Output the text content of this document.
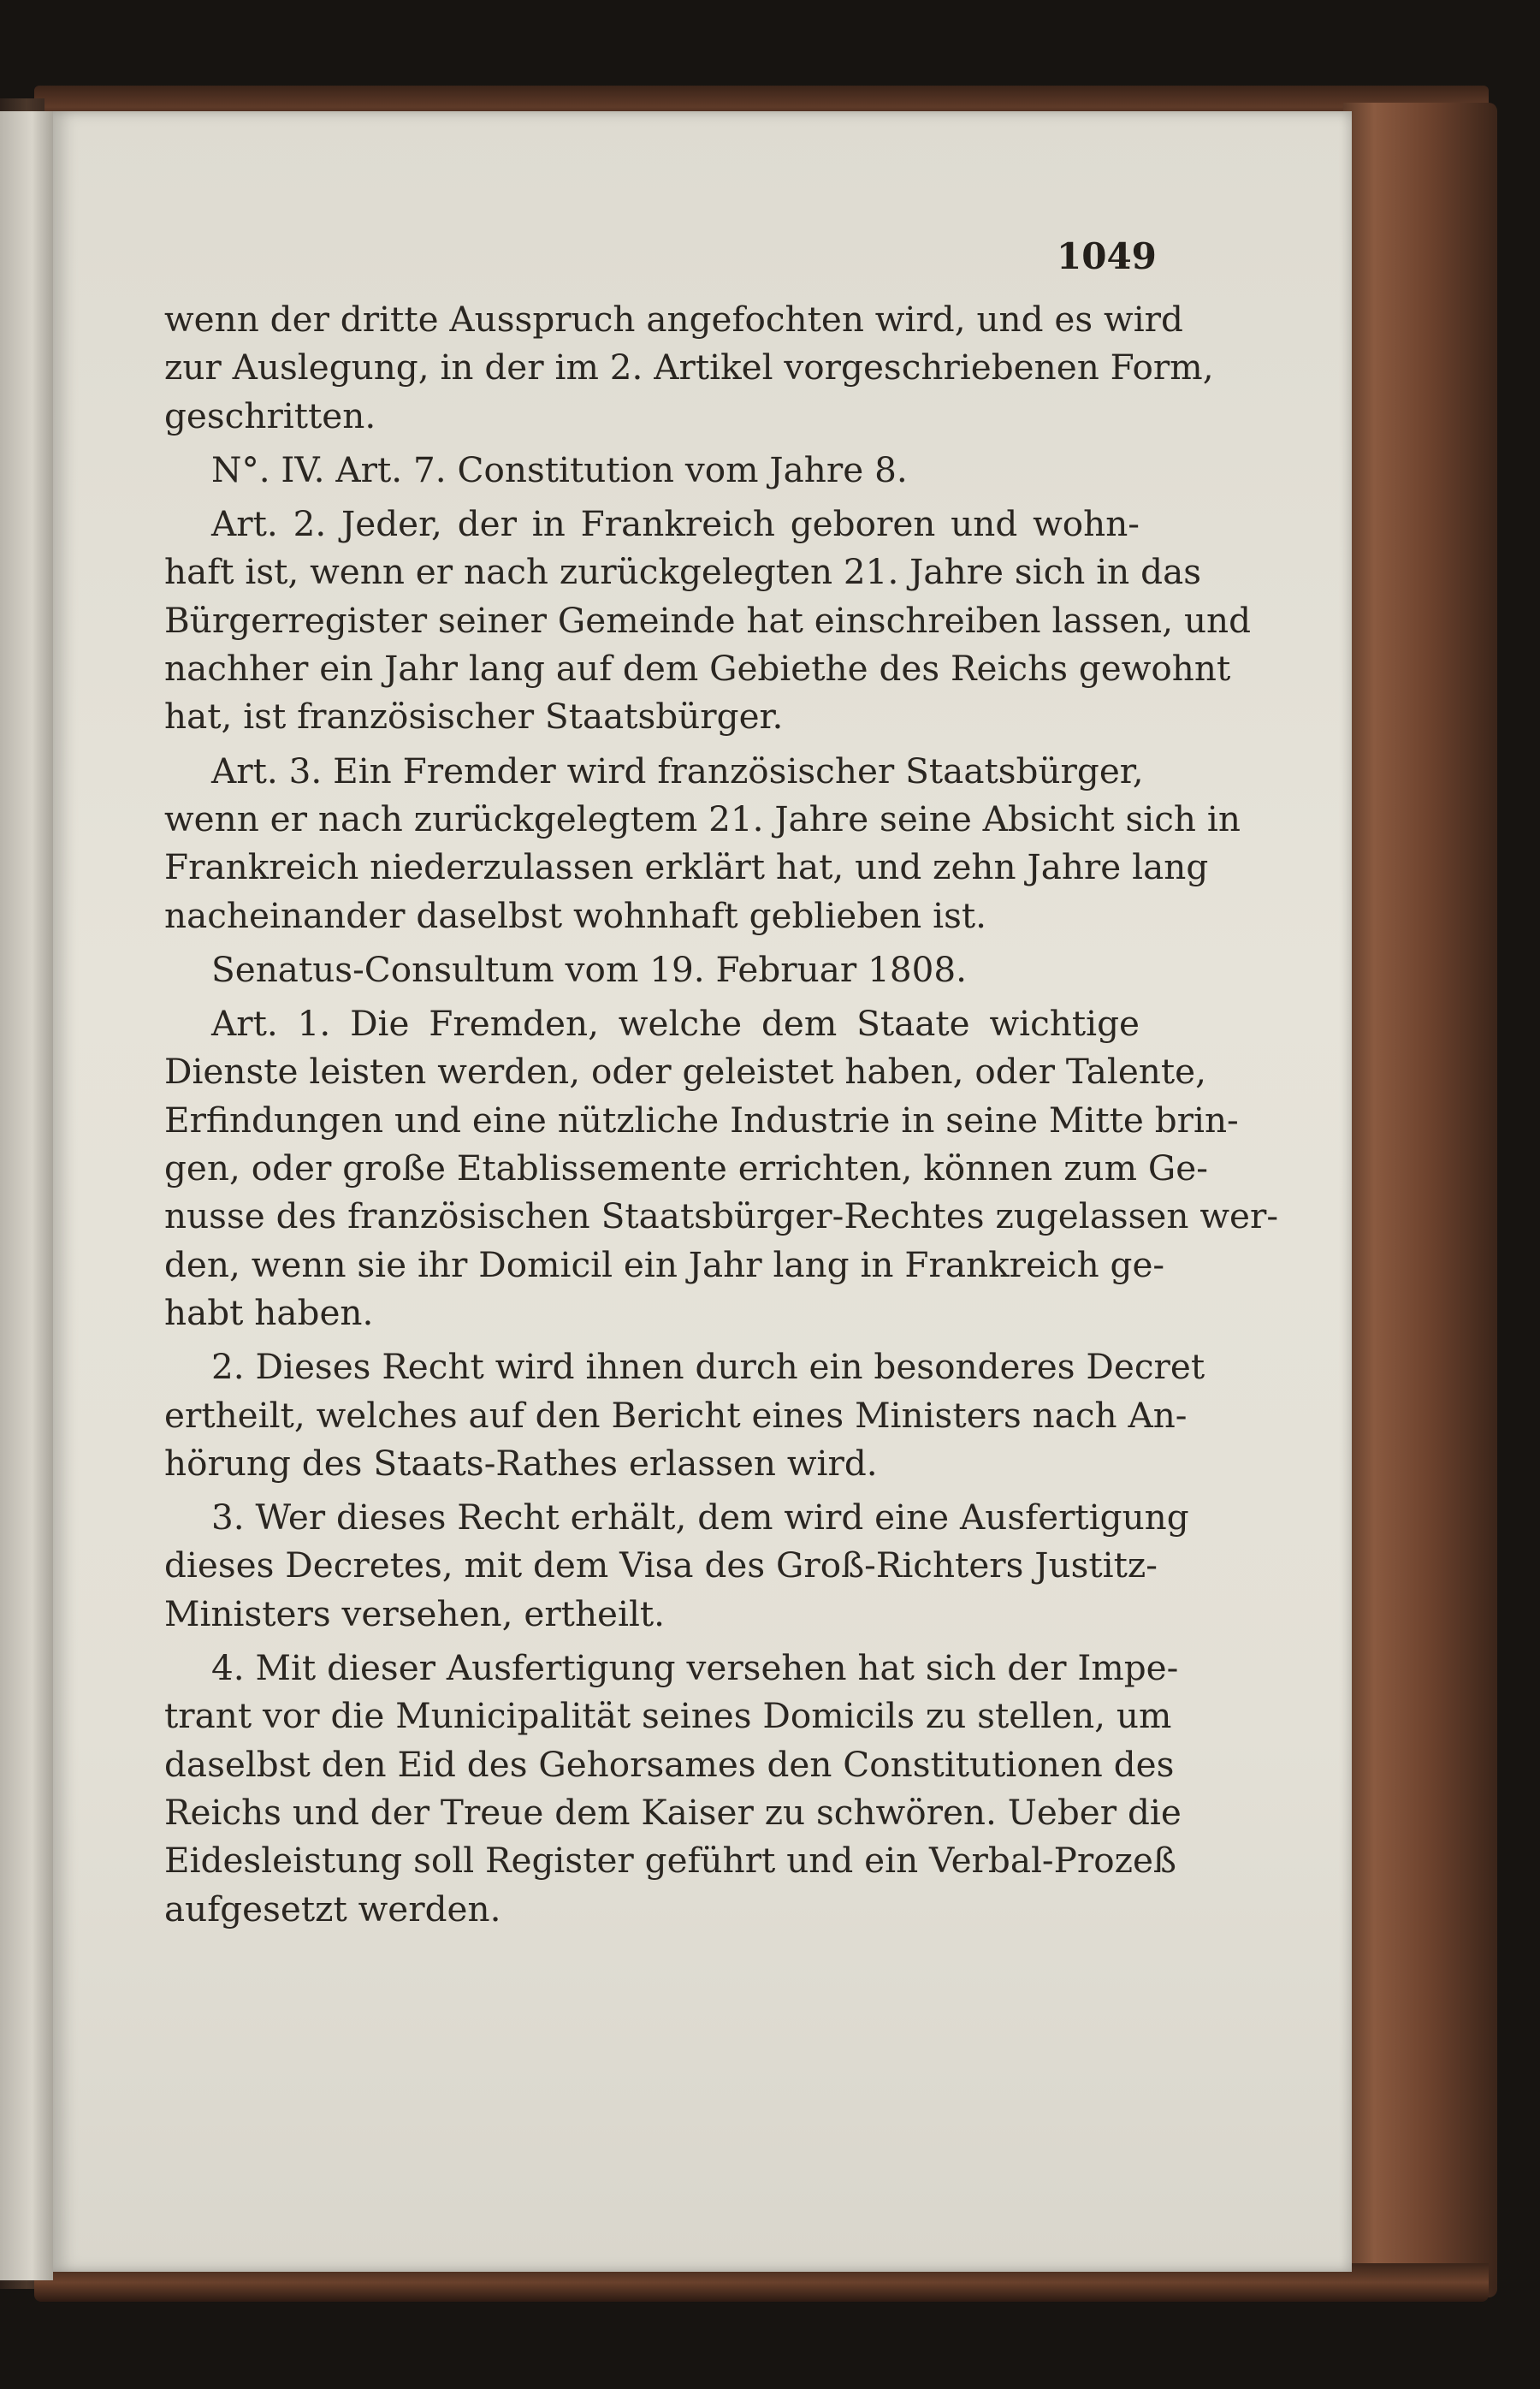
1049
wenn der dritte Ausspruch angefochten wird, und es wird
zur Auslegung, in der im 2. Artikel vorgeschriebenen Form,
geschritten.
N°. IV. Art. 7. Constitution vom Jahre 8.
Art. 2. Jeder, der in Frankreich geboren und wohn-
haft ist, wenn er nach zurückgelegten 21. Jahre sich in das
Bürgerregister seiner Gemeinde hat einschreiben lassen, und
nachher ein Jahr lang auf dem Gebiethe des Reichs gewohnt
hat, ist französischer Staatsbürger.
Art. 3. Ein Fremder wird französischer Staatsbürger,
wenn er nach zurückgelegtem 21. Jahre seine Absicht sich in
Frankreich niederzulassen erklärt hat, und zehn Jahre lang
nacheinander daselbst wohnhaft geblieben ist.
Senatus-Consultum vom 19. Februar 1808.
Art. 1. Die Fremden, welche dem Staate wichtige
Dienste leisten werden, oder geleistet haben, oder Talente,
Erfindungen und eine nützliche Industrie in seine Mitte brin-
gen, oder große Etablissemente errichten, können zum Ge-
nusse des französischen Staatsbürger-Rechtes zugelassen wer-
den, wenn sie ihr Domicil ein Jahr lang in Frankreich ge-
habt haben.
2. Dieses Recht wird ihnen durch ein besonderes Decret
ertheilt, welches auf den Bericht eines Ministers nach An-
hörung des Staats-Rathes erlassen wird.
3. Wer dieses Recht erhält, dem wird eine Ausfertigung
dieses Decretes, mit dem Visa des Groß-Richters Justitz-
Ministers versehen, ertheilt.
4. Mit dieser Ausfertigung versehen hat sich der Impe-
trant vor die Municipalität seines Domicils zu stellen, um
daselbst den Eid des Gehorsames den Constitutionen des
Reichs und der Treue dem Kaiser zu schwören. Ueber die
Eidesleistung soll Register geführt und ein Verbal-Prozeß
aufgesetzt werden.
